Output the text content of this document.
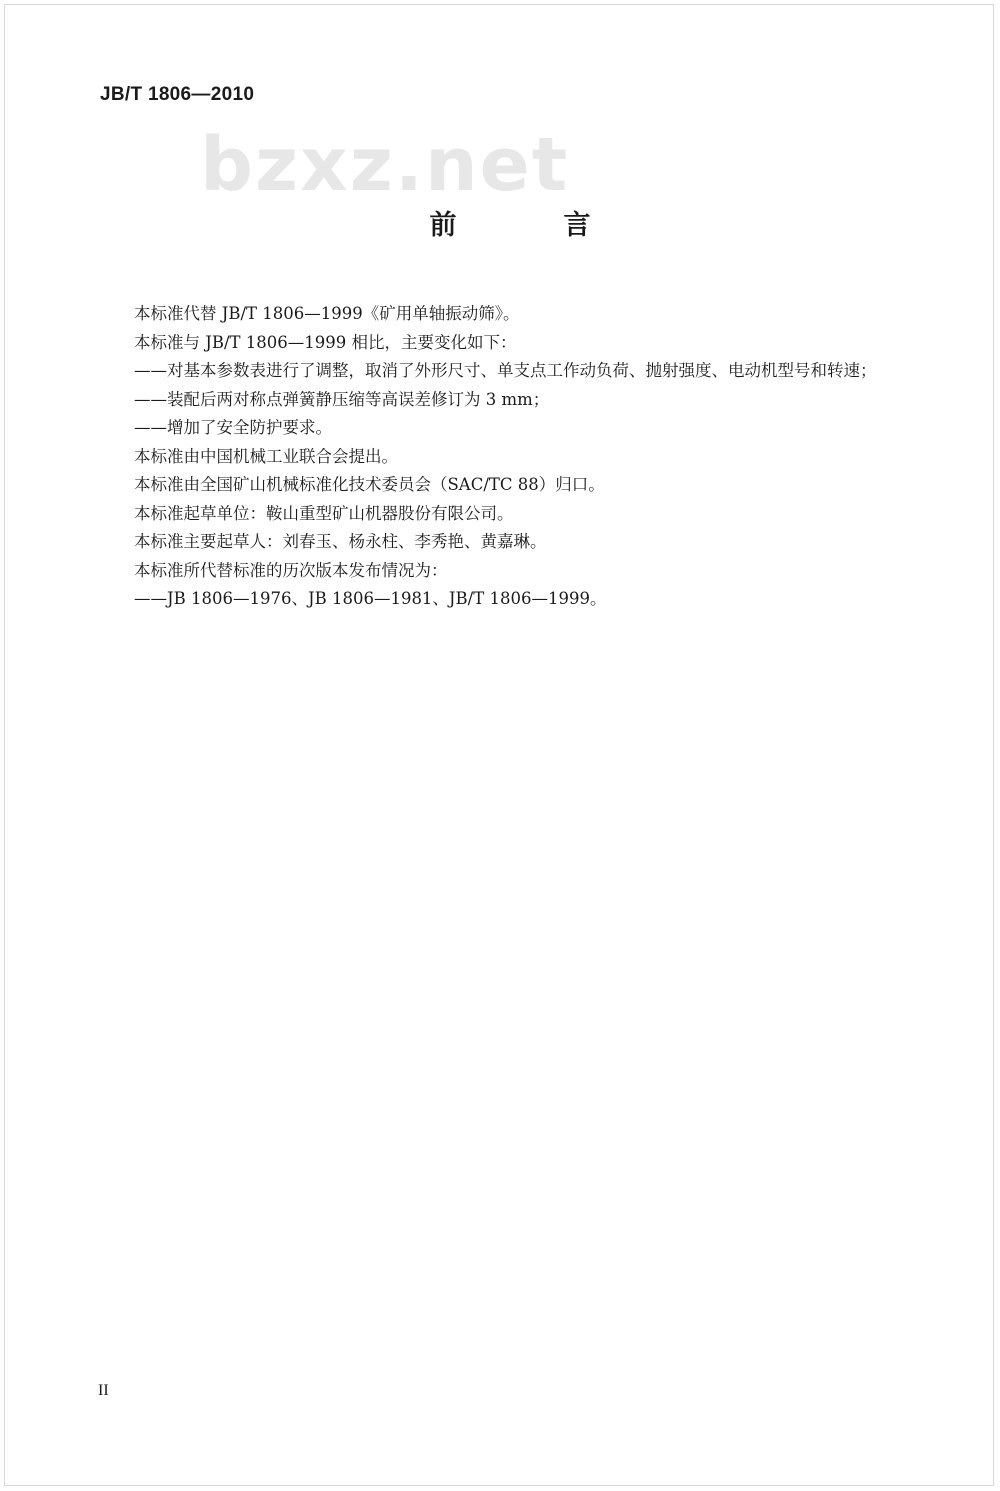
JB/T 1806—2010
bzxz.net
前　言
本标准代替 JB/T 1806—1999《矿用单轴振动筛》。
本标准与 JB/T 1806—1999 相比，主要变化如下：
——对基本参数表进行了调整，取消了外形尺寸、单支点工作动负荷、抛射强度、电动机型号和转速；
——装配后两对称点弹簧静压缩等高误差修订为 3 mm；
——增加了安全防护要求。
本标准由中国机械工业联合会提出。
本标准由全国矿山机械标准化技术委员会（SAC/TC 88）归口。
本标准起草单位：鞍山重型矿山机器股份有限公司。
本标准主要起草人：刘春玉、杨永柱、李秀艳、黄嘉琳。
本标准所代替标准的历次版本发布情况为：
——JB 1806—1976、JB 1806—1981、JB/T 1806—1999。
II
